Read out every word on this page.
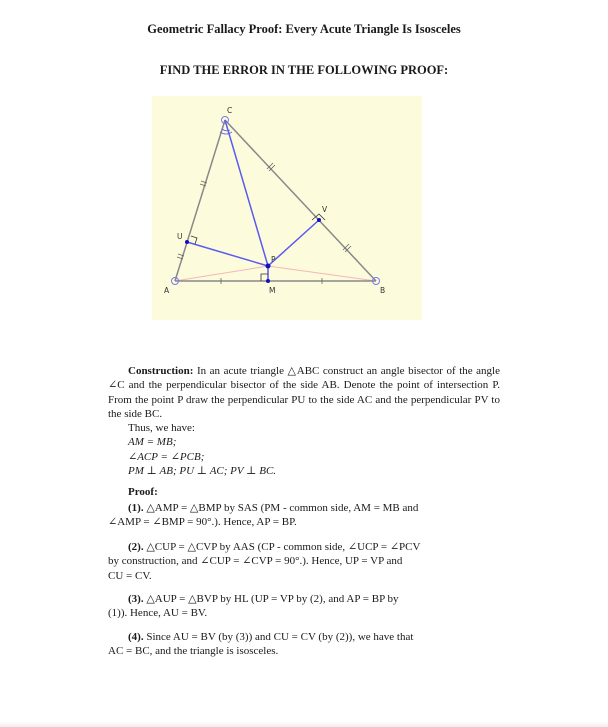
Geometric Fallacy Proof: Every Acute Triangle Is Isosceles
FIND THE ERROR IN THE FOLLOWING PROOF:
A	B
C
M
P
U
V
Construction: In an acute triangle △ABC construct an angle bisector of the angle ∠C and the perpendicular bisector of the side AB. Denote the point of intersection P. From the point P draw the perpendicular PU to the side AC and the perpendicular PV to the side BC.
Thus, we have:
AM = MB;
∠ACP = ∠PCB;
PM ⊥ AB; PU ⊥ AC; PV ⊥ BC.
Proof:
(1). △AMP = △BMP by SAS (PM - common side, AM = MB and
∠AMP = ∠BMP = 90°.). Hence, AP = BP.
(2). △CUP = △CVP by AAS (CP - common side, ∠UCP = ∠PCV
by construction, and ∠CUP = ∠CVP = 90°.). Hence, UP = VP and
CU = CV.
(3). △AUP = △BVP by HL (UP = VP by (2), and AP = BP by
(1)). Hence, AU = BV.
(4). Since AU = BV (by (3)) and CU = CV (by (2)), we have that
AC = BC, and the triangle is isosceles.
